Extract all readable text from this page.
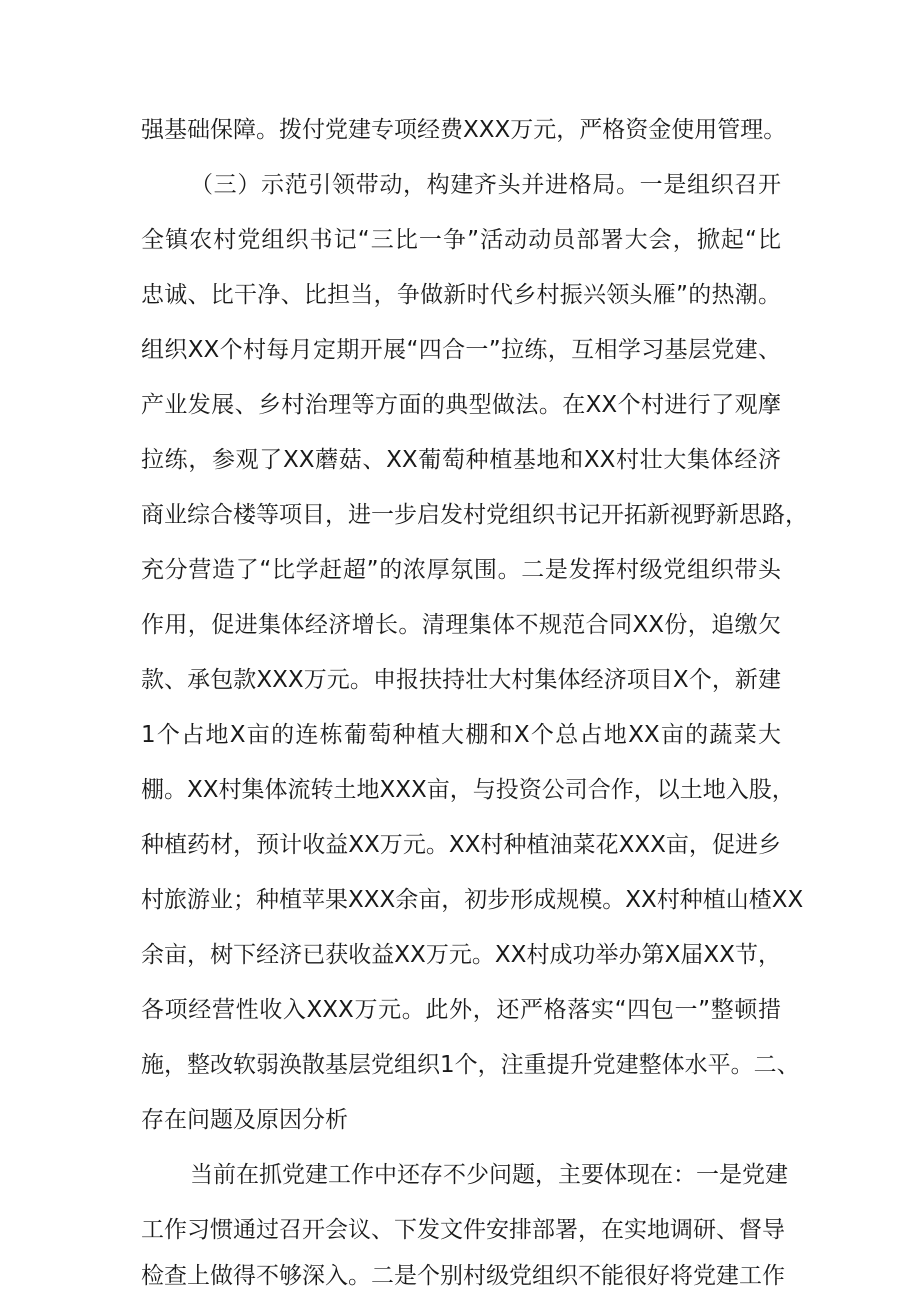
强基础保障。拨付党建专项经费XXX万元，严格资金使用管理。
（三）示范引领带动，构建齐头并进格局。一是组织召开
全镇农村党组织书记“三比一争”活动动员部署大会，掀起“比
忠诚、比干净、比担当，争做新时代乡村振兴领头雁”的热潮。
组织XX个村每月定期开展“四合一”拉练，互相学习基层党建、
产业发展、乡村治理等方面的典型做法。在XX个村进行了观摩
拉练，参观了XX蘑菇、XX葡萄种植基地和XX村壮大集体经济
商业综合楼等项目，进一步启发村党组织书记开拓新视野新思路，
充分营造了“比学赶超”的浓厚氛围。二是发挥村级党组织带头
作用，促进集体经济增长。清理集体不规范合同XX份，追缴欠
款、承包款XXX万元。申报扶持壮大村集体经济项目X个，新建
1个占地X亩的连栋葡萄种植大棚和X个总占地XX亩的蔬菜大
棚。XX村集体流转土地XXX亩，与投资公司合作，以土地入股，
种植药材，预计收益XX万元。XX村种植油菜花XXX亩，促进乡
村旅游业；种植苹果XXX余亩，初步形成规模。XX村种植山楂XX
余亩，树下经济已获收益XX万元。XX村成功举办第X届XX节，
各项经营性收入XXX万元。此外，还严格落实“四包一”整顿措
施，整改软弱涣散基层党组织1个，注重提升党建整体水平。二、
存在问题及原因分析
当前在抓党建工作中还存不少问题，主要体现在：一是党建
工作习惯通过召开会议、下发文件安排部署，在实地调研、督导
检查上做得不够深入。二是个别村级党组织不能很好将党建工作
